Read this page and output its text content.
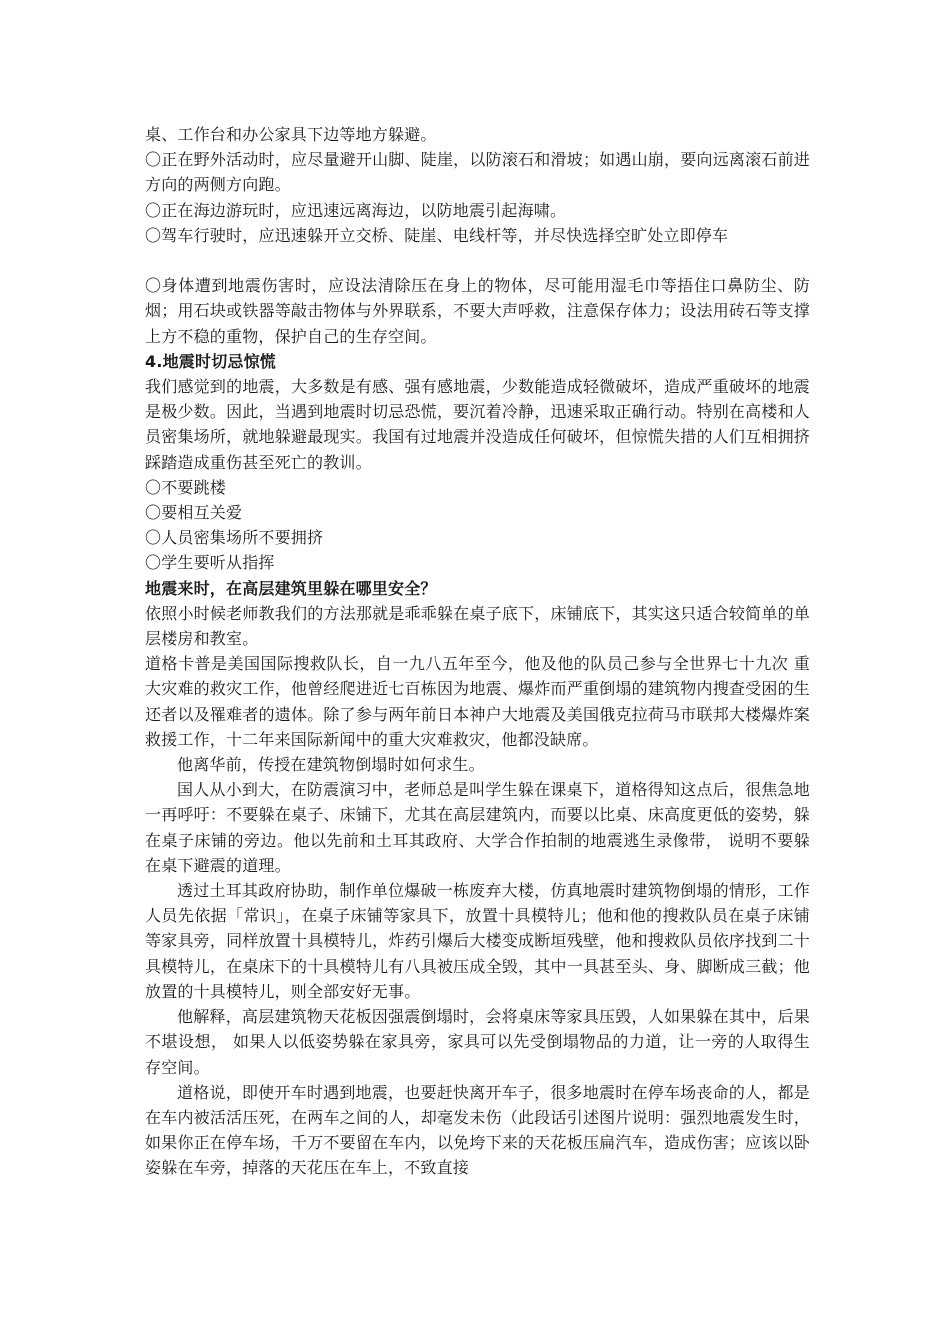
桌、工作台和办公家具下边等地方躲避。

〇正在野外活动时，应尽量避开山脚、陡崖，以防滚石和滑坡；如遇山崩，要向远离滚石前进方向的两侧方向跑。

〇正在海边游玩时，应迅速远离海边，以防地震引起海啸。

〇驾车行驶时，应迅速躲开立交桥、陡崖、电线杆等，并尽快选择空旷处立即停车

〇身体遭到地震伤害时，应设法清除压在身上的物体，尽可能用湿毛巾等捂住口鼻防尘、防烟；用石块或铁器等敲击物体与外界联系，不要大声呼救，注意保存体力；设法用砖石等支撑上方不稳的重物，保护自己的生存空间。

4.地震时切忌惊慌

我们感觉到的地震，大多数是有感、强有感地震，少数能造成轻微破坏，造成严重破坏的地震是极少数。因此，当遇到地震时切忌恐慌，要沉着冷静，迅速采取正确行动。特别在高楼和人员密集场所，就地躲避最现实。我国有过地震并没造成任何破坏，但惊慌失措的人们互相拥挤踩踏造成重伤甚至死亡的教训。

〇不要跳楼

〇要相互关爱

〇人员密集场所不要拥挤

〇学生要听从指挥

地震来时，在高层建筑里躲在哪里安全？

依照小时候老师教我们的方法那就是乖乖躲在桌子底下，床铺底下，其实这只适合较简单的单层楼房和教室。

道格卡普是美国国际搜救队长，自一九八五年至今，他及他的队员己参与全世界七十九次 重大灾难的救灾工作，他曾经爬进近七百栋因为地震、爆炸而严重倒塌的建筑物内搜查受困的生还者以及罹难者的遗体。除了参与两年前日本神户大地震及美国俄克拉荷马市联邦大楼爆炸案救援工作，十二年来国际新闻中的重大灾难救灾，他都没缺席。

他离华前，传授在建筑物倒塌时如何求生。

国人从小到大，在防震演习中，老师总是叫学生躲在课桌下，道格得知这点后，很焦急地一再呼吁：不要躲在桌子、床铺下，尤其在高层建筑内，而要以比桌、床高度更低的姿势，躲在桌子床铺的旁边。他以先前和土耳其政府、大学合作拍制的地震逃生录像带， 说明不要躲在桌下避震的道理。

透过土耳其政府协助，制作单位爆破一栋废弃大楼，仿真地震时建筑物倒塌的情形，工作人员先依据「常识」，在桌子床铺等家具下，放置十具模特儿；他和他的搜救队员在桌子床铺等家具旁，同样放置十具模特儿，炸药引爆后大楼变成断垣残壁，他和搜救队员依序找到二十具模特儿，在桌床下的十具模特儿有八具被压成全毁，其中一具甚至头、身、脚断成三截；他放置的十具模特儿，则全部安好无事。

他解释，高层建筑物天花板因强震倒塌时，会将桌床等家具压毁，人如果躲在其中，后果不堪设想， 如果人以低姿势躲在家具旁，家具可以先受倒塌物品的力道，让一旁的人取得生存空间。

道格说，即使开车时遇到地震，也要赶快离开车子，很多地震时在停车场丧命的人，都是在车内被活活压死，在两车之间的人，却毫发未伤（此段话引述图片说明：强烈地震发生时，如果你正在停车场，千万不要留在车内，以免垮下来的天花板压扁汽车，造成伤害；应该以卧姿躲在车旁，掉落的天花压在车上，不致直接
